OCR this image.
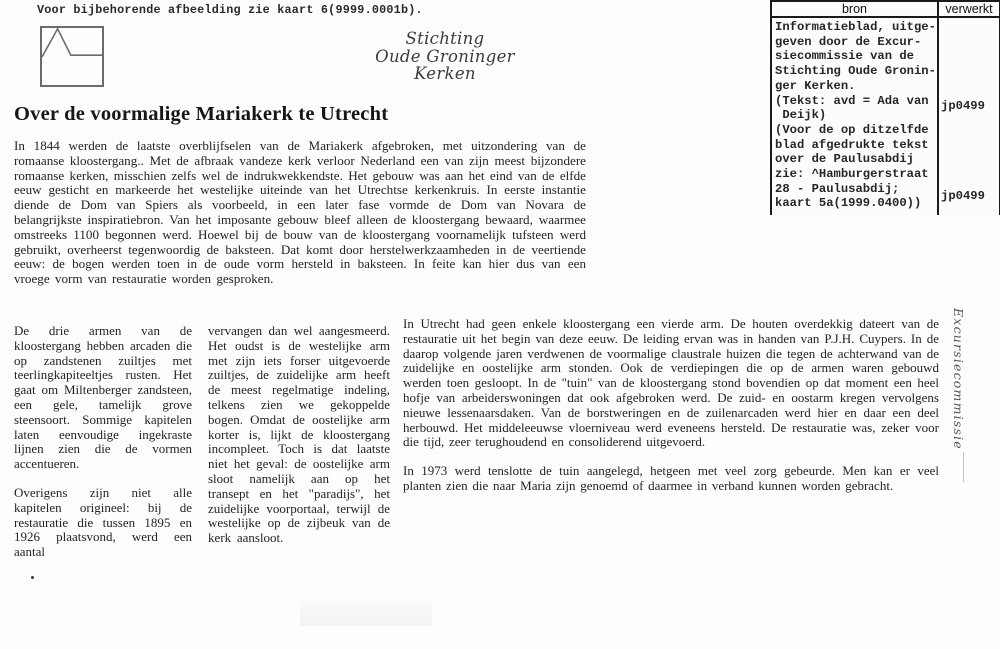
Voor bijbehorende afbeelding zie kaart 6(9999.0001b).
Stichting
Oude Groninger
Kerken
Over de voormalige Mariakerk te Utrecht
In 1844 werden de laatste overblijfselen van de Mariakerk afgebroken, met uitzondering van de romaanse kloostergang.. Met de afbraak vandeze kerk verloor Nederland een van zijn meest bijzondere romaanse kerken, misschien zelfs wel de indrukwekkendste. Het gebouw was aan het eind van de elfde eeuw gesticht en markeerde het westelijke uiteinde van het Utrechtse kerkenkruis. In eerste instantie diende de Dom van Spiers als voorbeeld, in een later fase vormde de Dom van Novara de belangrijkste inspiratiebron. Van het imposante gebouw bleef alleen de kloostergang bewaard, waarmee omstreeks 1100 begonnen werd. Hoewel bij de bouw van de kloostergang voornamelijk tufsteen werd gebruikt, overheerst tegenwoordig de baksteen. Dat komt door herstelwerkzaamheden in de veertiende eeuw: de bogen werden toen in de oude vorm hersteld in baksteen. In feite kan hier dus van een vroege vorm van restauratie worden gesproken.

De drie armen van de kloostergang hebben arcaden die op zandstenen zuiltjes met teerlingkapiteeltjes rusten. Het gaat om Miltenberger zandsteen, een gele, tamelijk grove steensoort. Sommige kapitelen laten eenvoudige ingekraste lijnen zien die de vormen accentueren.

Overigens zijn niet alle kapitelen origineel: bij de restauratie die tussen 1895 en 1926 plaatsvond, werd een aantal

vervangen dan wel aangesmeerd. Het oudst is de westelijke arm met zijn iets forser uitgevoerde zuiltjes, de zuidelijke arm heeft de meest regelmatige indeling, telkens zien we gekoppelde bogen. Omdat de oostelijke arm korter is, lijkt de kloostergang incompleet. Toch is dat laatste niet het geval: de oostelijke arm sloot namelijk aan op het transept en het "paradijs", het zuidelijke voorportaal, terwijl de westelijke op de zijbeuk van de kerk aansloot.

In Utrecht had geen enkele kloostergang een vierde arm. De houten overdekkig dateert van de restauratie uit het begin van deze eeuw. De leiding ervan was in handen van P.J.H. Cuypers. In de daarop volgende jaren verdwenen de voormalige claustrale huizen die tegen de achterwand van de zuidelijke en oostelijke arm stonden. Ook de verdiepingen die op de armen waren gebouwd werden toen gesloopt. In de "tuin" van de kloostergang stond bovendien op dat moment een heel hofje van arbeiderswoningen dat ook afgebroken werd. De zuid- en oostarm kregen vervolgens nieuwe lessenaarsdaken. Van de borstweringen en de zuilenarcaden werd hier en daar een deel herbouwd. Het middeleeuwse vloerniveau werd eveneens hersteld. De restauratie was, zeker voor die tijd, zeer terughoudend en consoliderend uitgevoerd.

In 1973 werd tenslotte de tuin aangelegd, hetgeen met veel zorg gebeurde. Men kan er veel planten zien die naar Maria zijn genoemd of daarmee in verband kunnen worden gebracht.

bron
Informatieblad, uitge-
geven door de Excur-
siecommissie van de
Stichting Oude Gronin-
ger Kerken.
(Tekst: avd = Ada van
Deijk)
(Voor de op ditzelfde
blad afgedrukte tekst
over de Paulusabdij
zie: ^Hamburgerstraat
28 - Paulusabdij;
kaart 5a(1999.0400))
verwerkt
jp0499
jp0499
Excursiecommissie
